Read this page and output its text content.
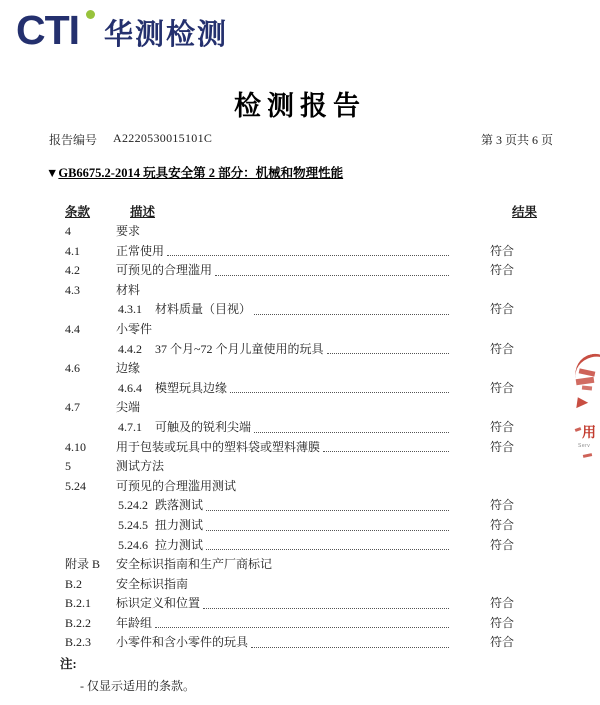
CTI 华测检测
检测报告
报告编号 A2220530015101C	第 3 页共 6 页
▼GB6675.2-2014 玩具安全第 2 部分：机械和物理性能
条款	描述	结果
4	要求
4.1	正常使用	符合
4.2	可预见的合理滥用	符合
4.3	材料
4.3.1 材料质量（目视）	符合
4.4	小零件
4.4.2 37 个月~72 个月儿童使用的玩具	符合
4.6	边缘
4.6.4 模塑玩具边缘	符合
4.7	尖端
4.7.1 可触及的锐利尖端	符合
4.10	用于包装或玩具中的塑料袋或塑料薄膜	符合
5	测试方法
5.24	可预见的合理滥用测试
5.24.2 跌落测试	符合
5.24.5 扭力测试	符合
5.24.6 拉力测试	符合
附录 B 安全标识指南和生产厂商标记
B.2	安全标识指南
B.2.1 标识定义和位置	符合
B.2.2 年龄组	符合
B.2.3 小零件和含小零件的玩具	符合
注:
- 仅显示适用的条款。
用
Serv
